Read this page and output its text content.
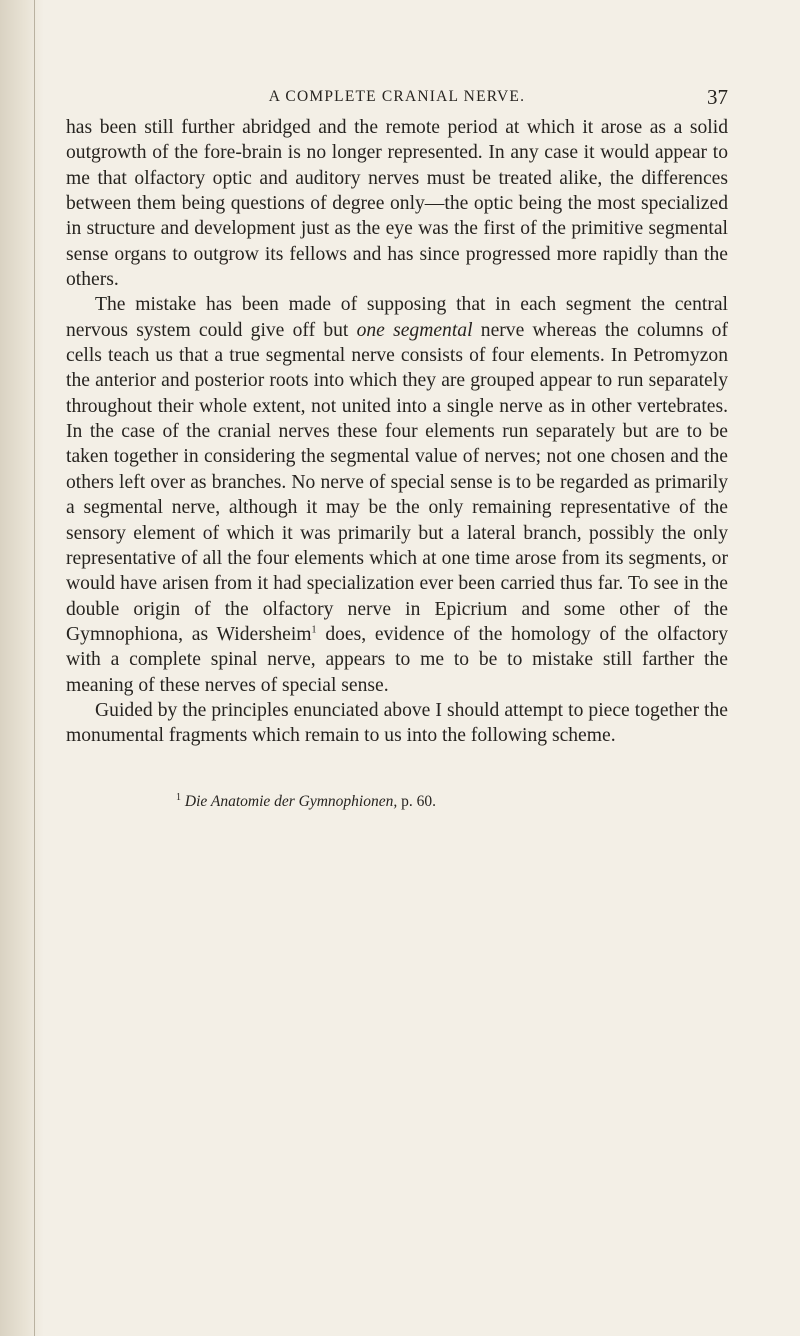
A COMPLETE CRANIAL NERVE.	37

has been still further abridged and the remote period at which it arose as a solid outgrowth of the fore-brain is no longer represented. In any case it would appear to me that olfactory optic and auditory nerves must be treated alike, the differences between them being questions of degree only—the optic being the most specialized in structure and development just as the eye was the first of the primitive segmental sense organs to outgrow its fellows and has since progressed more rapidly than the others.

The mistake has been made of supposing that in each segment the central nervous system could give off but one segmental nerve whereas the columns of cells teach us that a true segmental nerve consists of four elements. In Petromyzon the anterior and posterior roots into which they are grouped appear to run separately throughout their whole extent, not united into a single nerve as in other vertebrates. In the case of the cranial nerves these four elements run separately but are to be taken together in considering the segmental value of nerves; not one chosen and the others left over as branches. No nerve of special sense is to be regarded as primarily a segmental nerve, although it may be the only remaining representative of the sensory element of which it was primarily but a lateral branch, possibly the only representative of all the four elements which at one time arose from its segments, or would have arisen from it had specialization ever been carried thus far. To see in the double origin of the olfactory nerve in Epicrium and some other of the Gymnophiona, as Widersheim$^1$ does, evidence of the homology of the olfactory with a complete spinal nerve, appears to me to be to mistake still farther the meaning of these nerves of special sense.

Guided by the principles enunciated above I should attempt to piece together the monumental fragments which remain to us into the following scheme.

$^1$ Die Anatomie der Gymnophionen, p. 60.
